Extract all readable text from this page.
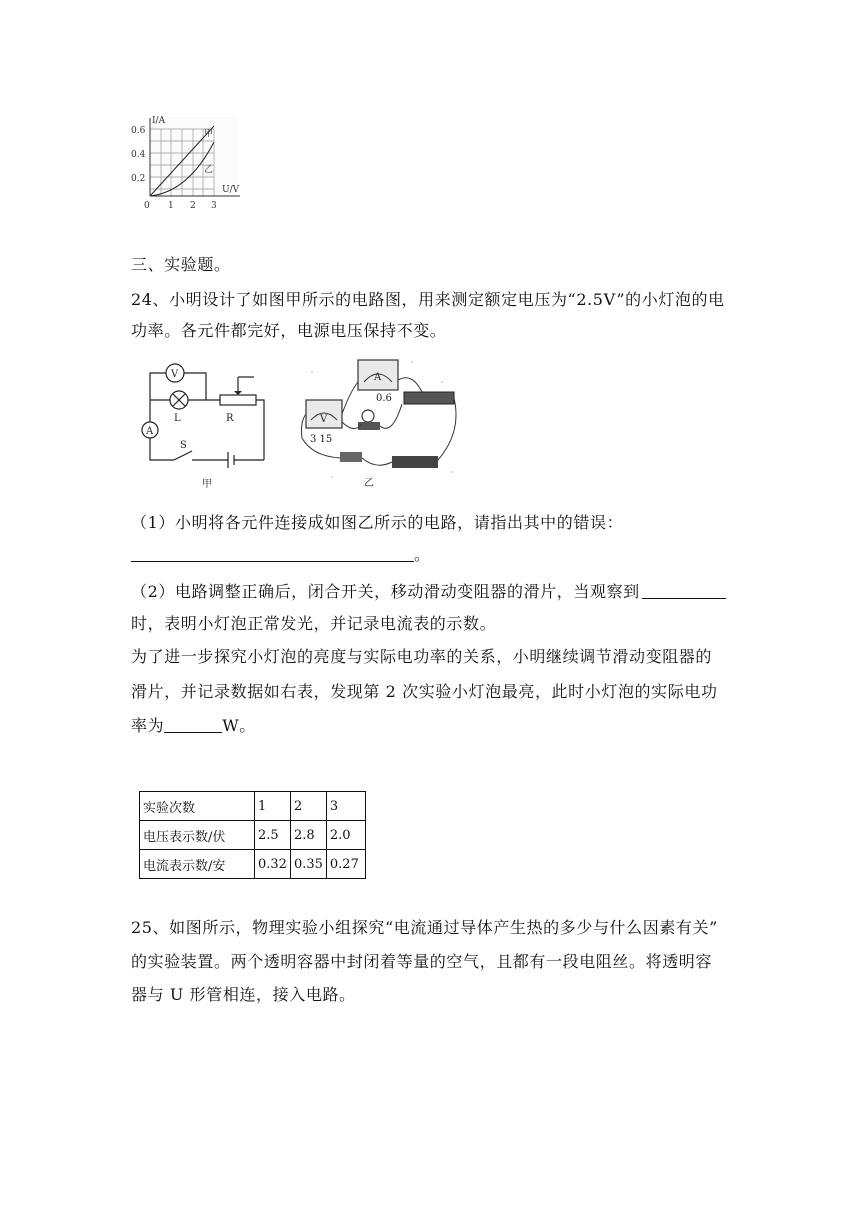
I/A
U/V
0.6
0.4
0.2
0 1 2 3
甲
乙
三、实验题。
24、小明设计了如图甲所示的电路图，用来测定额定电压为“2.5V”的小灯泡的电
功率。各元件都完好，电源电压保持不变。
V
A
L	R
S
甲
A
0.6
V
3 15
乙
（1）小明将各元件连接成如图乙所示的电路，请指出其中的错误：
。
（2）电路调整正确后，闭合开关，移动滑动变阻器的滑片，当观察到
时，表明小灯泡正常发光，并记录电流表的示数。
为了进一步探究小灯泡的亮度与实际电功率的关系，小明继续调节滑动变阻器的
滑片，并记录数据如右表，发现第 2 次实验小灯泡最亮，此时小灯泡的实际电功
率为	W。
实验次数	1	2	3
电压表示数/伏	2.5	2.8	2.0
电流表示数/安	0.32	0.35	0.27
25、如图所示，物理实验小组探究“电流通过导体产生热的多少与什么因素有关”
的实验装置。两个透明容器中封闭着等量的空气，且都有一段电阻丝。将透明容
器与 U 形管相连，接入电路。
